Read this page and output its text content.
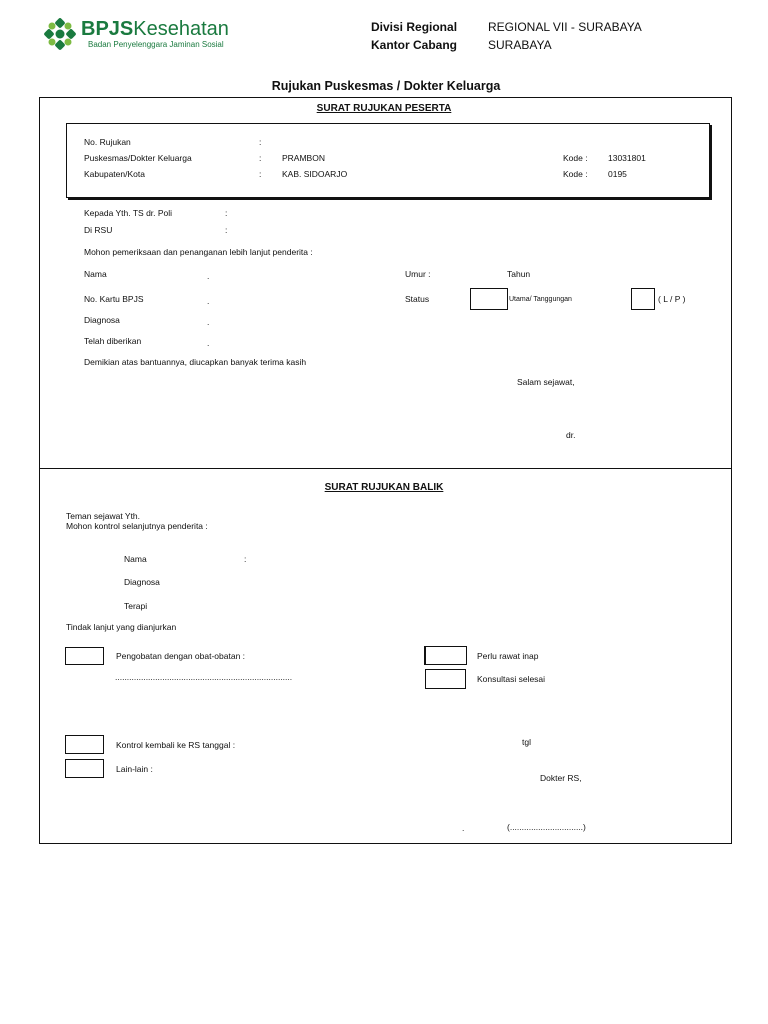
BPJSKesehatan
Badan Penyelenggara Jaminan Sosial
Divisi Regional	REGIONAL VII - SURABAYA
Kantor Cabang	SURABAYA
Rujukan Puskesmas / Dokter Keluarga
SURAT RUJUKAN PESERTA
No. Rujukan	:
Puskesmas/Dokter Keluarga	: PRAMBON	Kode : 13031801
Kabupaten/Kota	: KAB. SIDOARJO	Kode : 0195
Kepada Yth. TS dr. Poli	:
Di RSU	:
Mohon pemeriksaan dan penanganan lebih lanjut penderita :
Nama	.	Umur :	Tahun
No. Kartu BPJS	.	Status	Utama/ Tanggungan	( L / P )
Diagnosa	.
Telah diberikan	.
Demikian atas bantuannya, diucapkan banyak terima kasih
Salam sejawat,
dr.
SURAT RUJUKAN BALIK
Teman sejawat Yth.
Mohon kontrol selanjutnya penderita :
Nama	:
Diagnosa
Terapi
Tindak lanjut yang dianjurkan
Pengobatan dengan obat-obatan :
...........................................................................
Perlu rawat inap
Konsultasi selesai
Kontrol kembali ke RS tanggal :	tgl
Lain-lain :
Dokter RS,
.	(...............................)
